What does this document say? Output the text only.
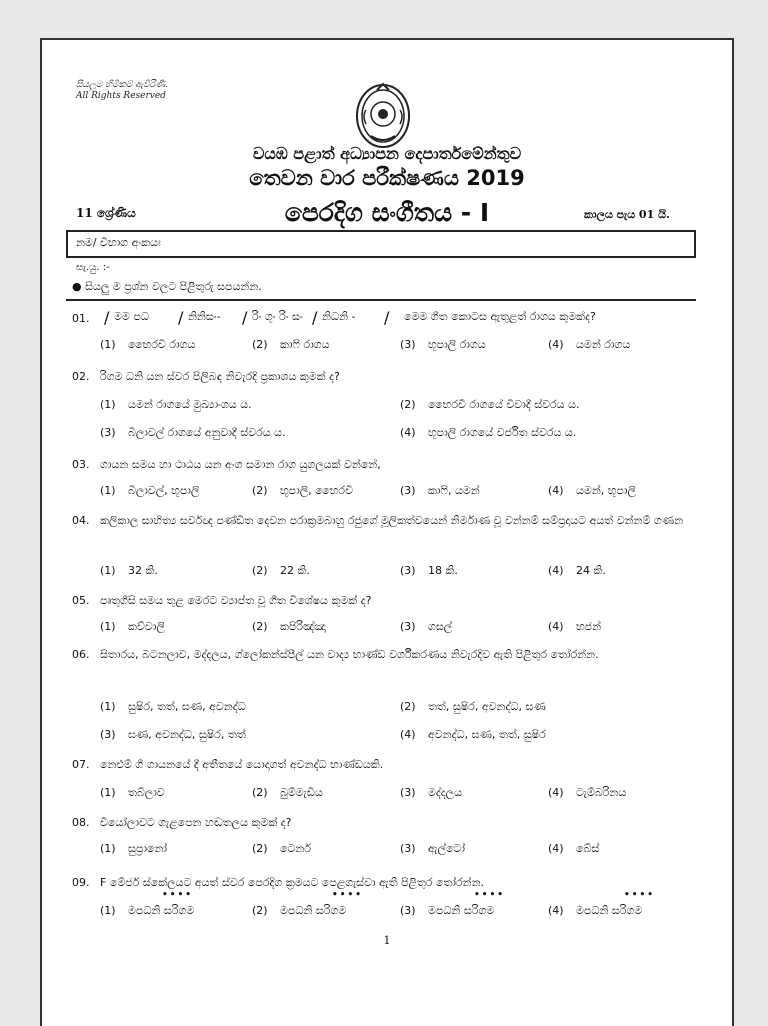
සියලුම හිමිකම් ඇවිරිණි.
All Rights Reserved
වයඹ පළාත් අධ්‍යාපන දෙපාර්තමේන්තුව
තෙවන වාර පරීක්ෂණය 2019
11 ශ්‍රේණිය	පෙරදිග සංගීතය - I	කාලය පැය 01 යි.
නම/ විභාග අංකයඃ
සැ.යු. :-
● සියලු ම ප්‍රශ්න වලට පිළිතුරු සපයන්න.
01. / මම පධ / නිනිසං- / රිං ගුං රිං සං / නිධනි - / මෙම ගීත කොටස ඇතුළත් රාගය කුමක්ද?
(1) භෛරවී රාගය	(2) කාෆි රාගය	(3) භූපාලි රාගය	(4) යමන් රාගය
02. රිගම ධනි යන ස්වර පිලිබඳ නිවැරදි ප්‍රකාශය කුමක් ද?
(1) යමන් රාගයේ මුඛ්‍යාංගය ය.	(2) භෛරවී රාගයේ විවාදී ස්වරය ය.
(3) බිලාවල් රාගයේ අනුවාදී ස්වරය ය.	(4) භූපාලි රාගයේ වර්ජිත ස්වරය ය.
03. ගායන සමය හා ථාඨය යන අංග සමාන රාග යුගලයක් වන්නේ,
(1) බිලාවල්, භූපාලි	(2) භූපාලි, භෛරවී	(3) කාෆි, යමන්	(4) යමන්, භූපාලි
04. කලිකාල සාහිත්‍ය සර්වඥ පණ්ඩිත දෙවන පරාක්‍රමබාහු රජුගේ මූලිකත්වයෙන් නිර්මාණ වූ වන්නම් සම්ප්‍රදායට අයත් වන්නම් ගණන
(1) 32 කි.	(2) 22 කි.	(3) 18 කි.	(4) 24 කි.
05. පෘතුගීසි සමය තුළ මෙරට ව්‍යාප්ත වූ ගීත විශේෂය කුමක් ද?
(1) කව්වාලි	(2) කපිරිඤ්ඤා	(3) ගසල්	(4) භජන්
06. සිතාරය, බටනලාව, මද්දලය, ග්ලෝකන්ස්පීල් යන වාද්‍ය භාණ්ඩ වර්ගීකරණය නිවැරදිව ඇති පිළිතුර තෝරන්න.
(1) සුෂිර, තත්, ඝණ, අවනද්ධ	(2) තත්, සුෂිර, අවනද්ධ, ඝණ
(3) ඝණ, අවනද්ධ, සුෂිර, තත්	(4) අවනද්ධ, ඝණ, තත්, සුෂිර
07. නෙළුම් ගී ගායනයේ දී අතීතයේ යොදාගත් අවනද්ධ භාණ්ඩයකි.
(1) තබ්ලාව	(2) බුම්මැඩිය	(3) මද්දලය	(4) ටැම්බරිනය
08. වියෝලාවට ගැළපෙන හඬතලය කුමක් ද?
(1) සුප්‍රානෝ	(2) ටෙනර්	(3) ඇල්ටෝ	(4) බේස්
09. F මේජර් ස්කේලයට අයත් ස්වර පෙරදිග ක්‍රමයට පෙළගැස්වා ඇති පිළිතුර තෝරන්න.
••••	••••	••••	••••
(1) මපධනි සරිගම	(2) මපධනි සරිගම	(3) මපධනි සරිගම	(4) මපධනි සරිගම
1
